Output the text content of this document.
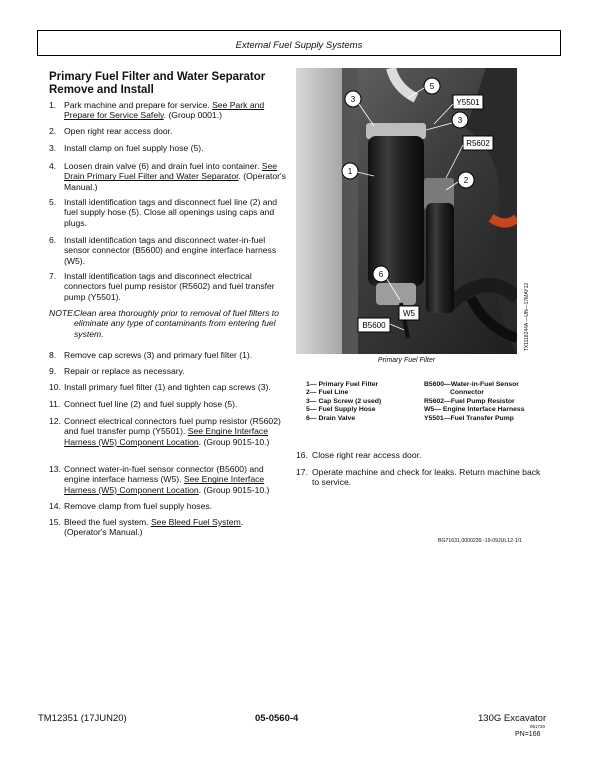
External Fuel Supply Systems
Primary Fuel Filter and Water Separator
Remove and Install
1. Park machine and prepare for service. See Park and Prepare for Service Safely. (Group 0001.)
2. Open right rear access door.
3. Install clamp on fuel supply hose (5).
4. Loosen drain valve (6) and drain fuel into container. See Drain Primary Fuel Filter and Water Separator. (Operator's Manual.)
5. Install identification tags and disconnect fuel line (2) and fuel supply hose (5). Close all openings using caps and plugs.
6. Install identification tags and disconnect water-in-fuel sensor connector (B5600) and engine interface harness (W5).
7. Install identification tags and disconnect electrical connectors fuel pump resistor (R5602) and fuel transfer pump (Y5501).
NOTE:
Clean area thoroughly prior to removal of fuel filters to eliminate any type of contaminants from entering fuel system.
8. Remove cap screws (3) and primary fuel filter (1).
9. Repair or replace as necessary.
10. Install primary fuel filter (1) and tighten cap screws (3).
11. Connect fuel line (2) and fuel supply hose (5).
12. Connect electrical connectors fuel pump resistor (R5602) and fuel transfer pump (Y5501). See Engine Interface Harness (W5) Component Location. (Group 9015-10.)
13. Connect water-in-fuel sensor connector (B5600) and engine interface harness (W5). See Engine Interface Harness (W5) Component Location. (Group 9015-10.)
14. Remove clamp from fuel supply hoses.
15. Bleed the fuel system. See Bleed Fuel System. (Operator's Manual.)
3
5
Y5501
3
R5602
1
2
6
W5
B5600
Primary Fuel Filter
TX1118244A —UN—17MAY12
1— Primary Fuel Filter
2— Fuel Line
3— Cap Screw (2 used)
5— Fuel Supply Hose
6— Drain Valve
B5600—Water-in-Fuel Sensor
Connector
R5602—Fuel Pump Resistor
W5— Engine Interface Harness
Y5501—Fuel Transfer Pump
16. Close right rear access door.
17. Operate machine and check for leaks. Return machine back to service.
BG71631,0000239 -19-09JUL12-1/1
TM12351 (17JUN20)	05-0560-4	130G Excavator
061720
PN=166
